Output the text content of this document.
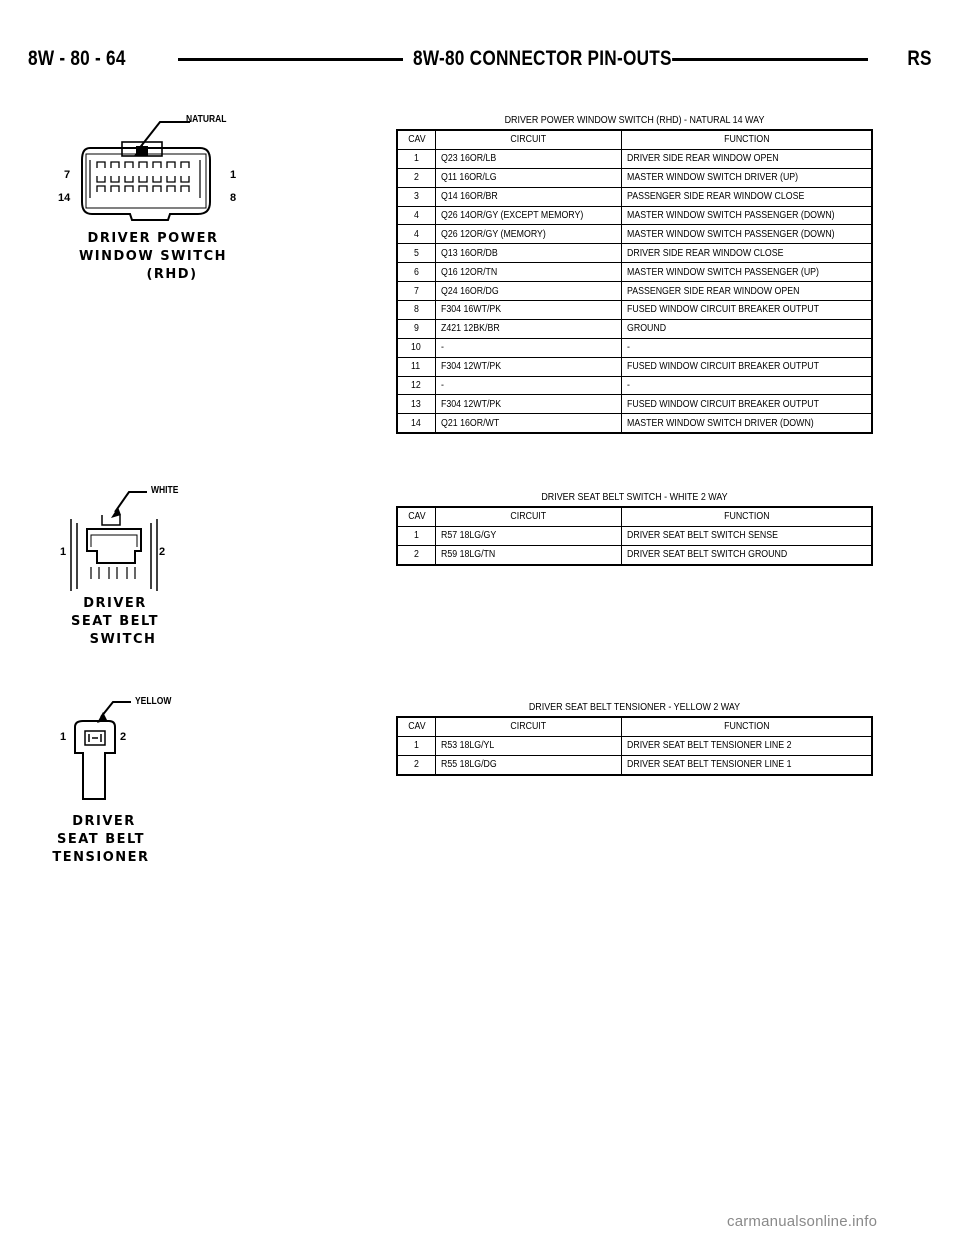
8W - 80 - 64	8W-80 CONNECTOR PIN-OUTS	RS
NATURAL
7
14
1
8
DRIVER POWER
WINDOW SWITCH
(RHD)
DRIVER POWER WINDOW SWITCH (RHD) - NATURAL 14 WAY
CAV	CIRCUIT	FUNCTION
1	Q23 16OR/LB	DRIVER SIDE REAR WINDOW OPEN
2	Q11 16OR/LG	MASTER WINDOW SWITCH DRIVER (UP)
3	Q14 16OR/BR	PASSENGER SIDE REAR WINDOW CLOSE
4	Q26 14OR/GY (EXCEPT MEMORY)	MASTER WINDOW SWITCH PASSENGER (DOWN)
4	Q26 12OR/GY (MEMORY)	MASTER WINDOW SWITCH PASSENGER (DOWN)
5	Q13 16OR/DB	DRIVER SIDE REAR WINDOW CLOSE
6	Q16 12OR/TN	MASTER WINDOW SWITCH PASSENGER (UP)
7	Q24 16OR/DG	PASSENGER SIDE REAR WINDOW OPEN
8	F304 16WT/PK	FUSED WINDOW CIRCUIT BREAKER OUTPUT
9	Z421 12BK/BR	GROUND
10	-	-
11	F304 12WT/PK	FUSED WINDOW CIRCUIT BREAKER OUTPUT
12	-	-
13	F304 12WT/PK	FUSED WINDOW CIRCUIT BREAKER OUTPUT
14	Q21 16OR/WT	MASTER WINDOW SWITCH DRIVER (DOWN)
WHITE
1	2
DRIVER
SEAT BELT
SWITCH
DRIVER SEAT BELT SWITCH - WHITE 2 WAY
CAV	CIRCUIT	FUNCTION
1	R57 18LG/GY	DRIVER SEAT BELT SWITCH SENSE
2	R59 18LG/TN	DRIVER SEAT BELT SWITCH GROUND
YELLOW
1	2
DRIVER
SEAT BELT
TENSIONER
DRIVER SEAT BELT TENSIONER - YELLOW 2 WAY
CAV	CIRCUIT	FUNCTION
1	R53 18LG/YL	DRIVER SEAT BELT TENSIONER LINE 2
2	R55 18LG/DG	DRIVER SEAT BELT TENSIONER LINE 1
carmanualsonline.info
